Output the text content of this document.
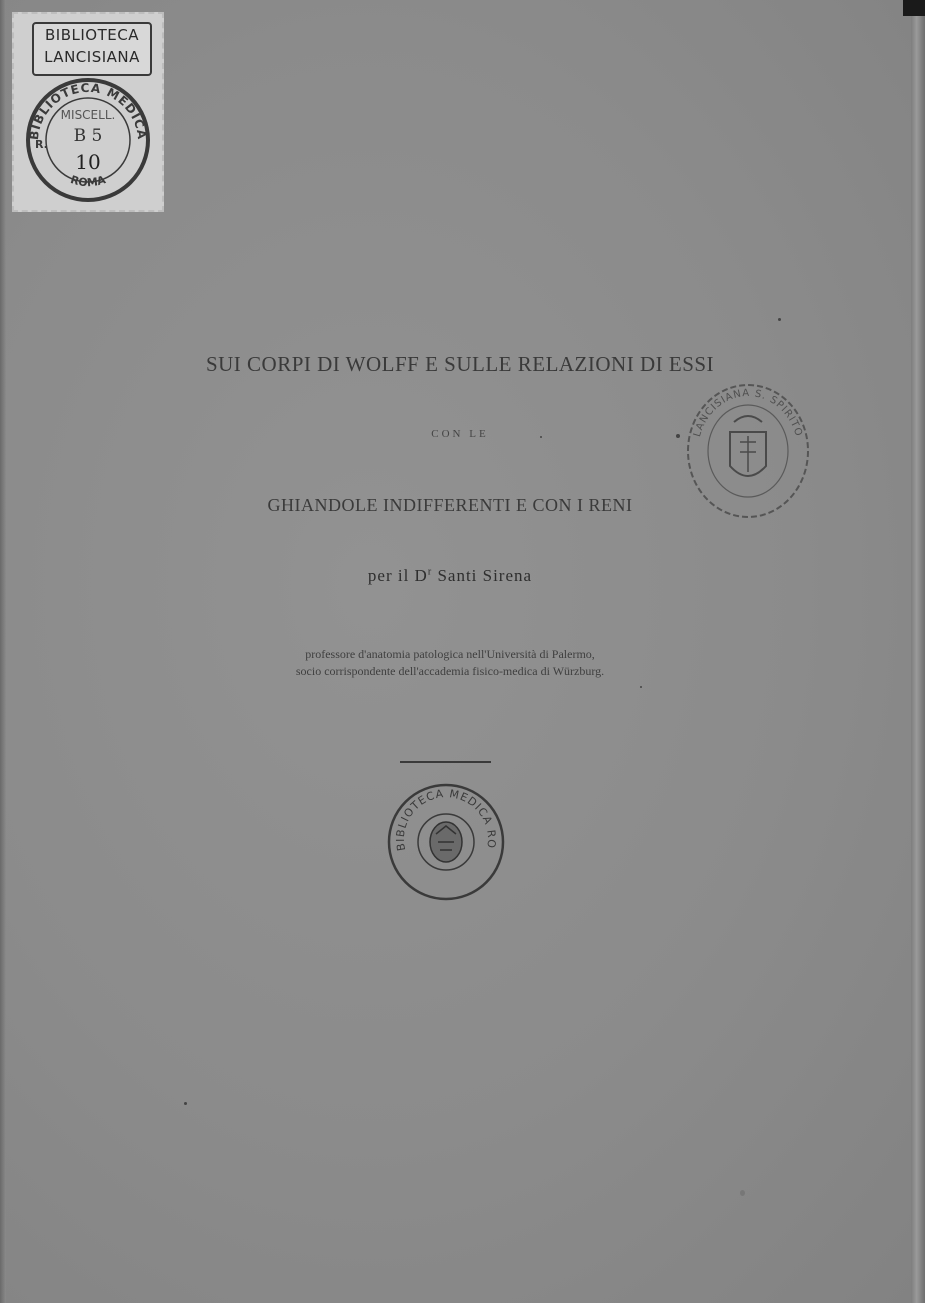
BIBLIOTECA
LANCISIANA
BIBLIOTECA MEDICA
ROMA
R.
MISCELL.
B 5
10
SUI CORPI DI WOLFF E SULLE RELAZIONI DI ESSI
CON LE
GHIANDOLE INDIFFERENTI E CON I RENI
per il $D^r$ Santi Sirena
professore d'anatomia patologica nell'Università di Palermo,
socio corrispondente dell'accademia fisico-medica di Würzburg.
BIBLIOTECA MEDICA RO
LANCISIANA S. SPIRITO
